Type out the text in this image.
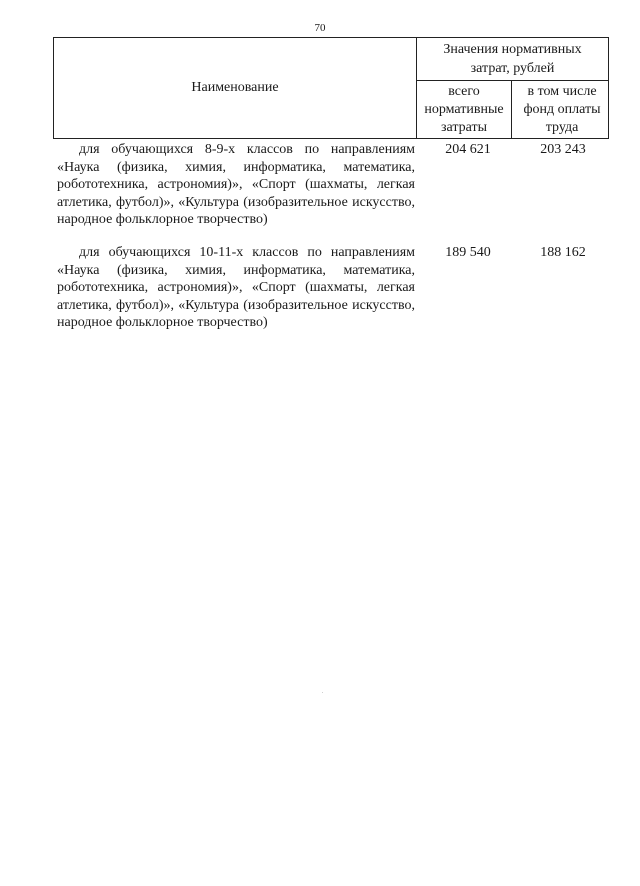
70
Наименование
Значения нормативных затрат, рублей
всего нормативные затраты
в том числе фонд оплаты труда
для обучающихся 8-9-х классов по направлениям «Наука (физика, химия, информатика, математика, робототехника, астрономия)», «Спорт (шахматы, легкая атлетика, футбол)», «Культура (изобразительное искусство, народное фольклорное творчество)
204 621	203 243
для обучающихся 10-11-х классов по направлениям «Наука (физика, химия, информатика, математика, робототехника, астрономия)», «Спорт (шахматы, легкая атлетика, футбол)», «Культура (изобразительное искусство, народное фольклорное творчество)
189 540	188 162
